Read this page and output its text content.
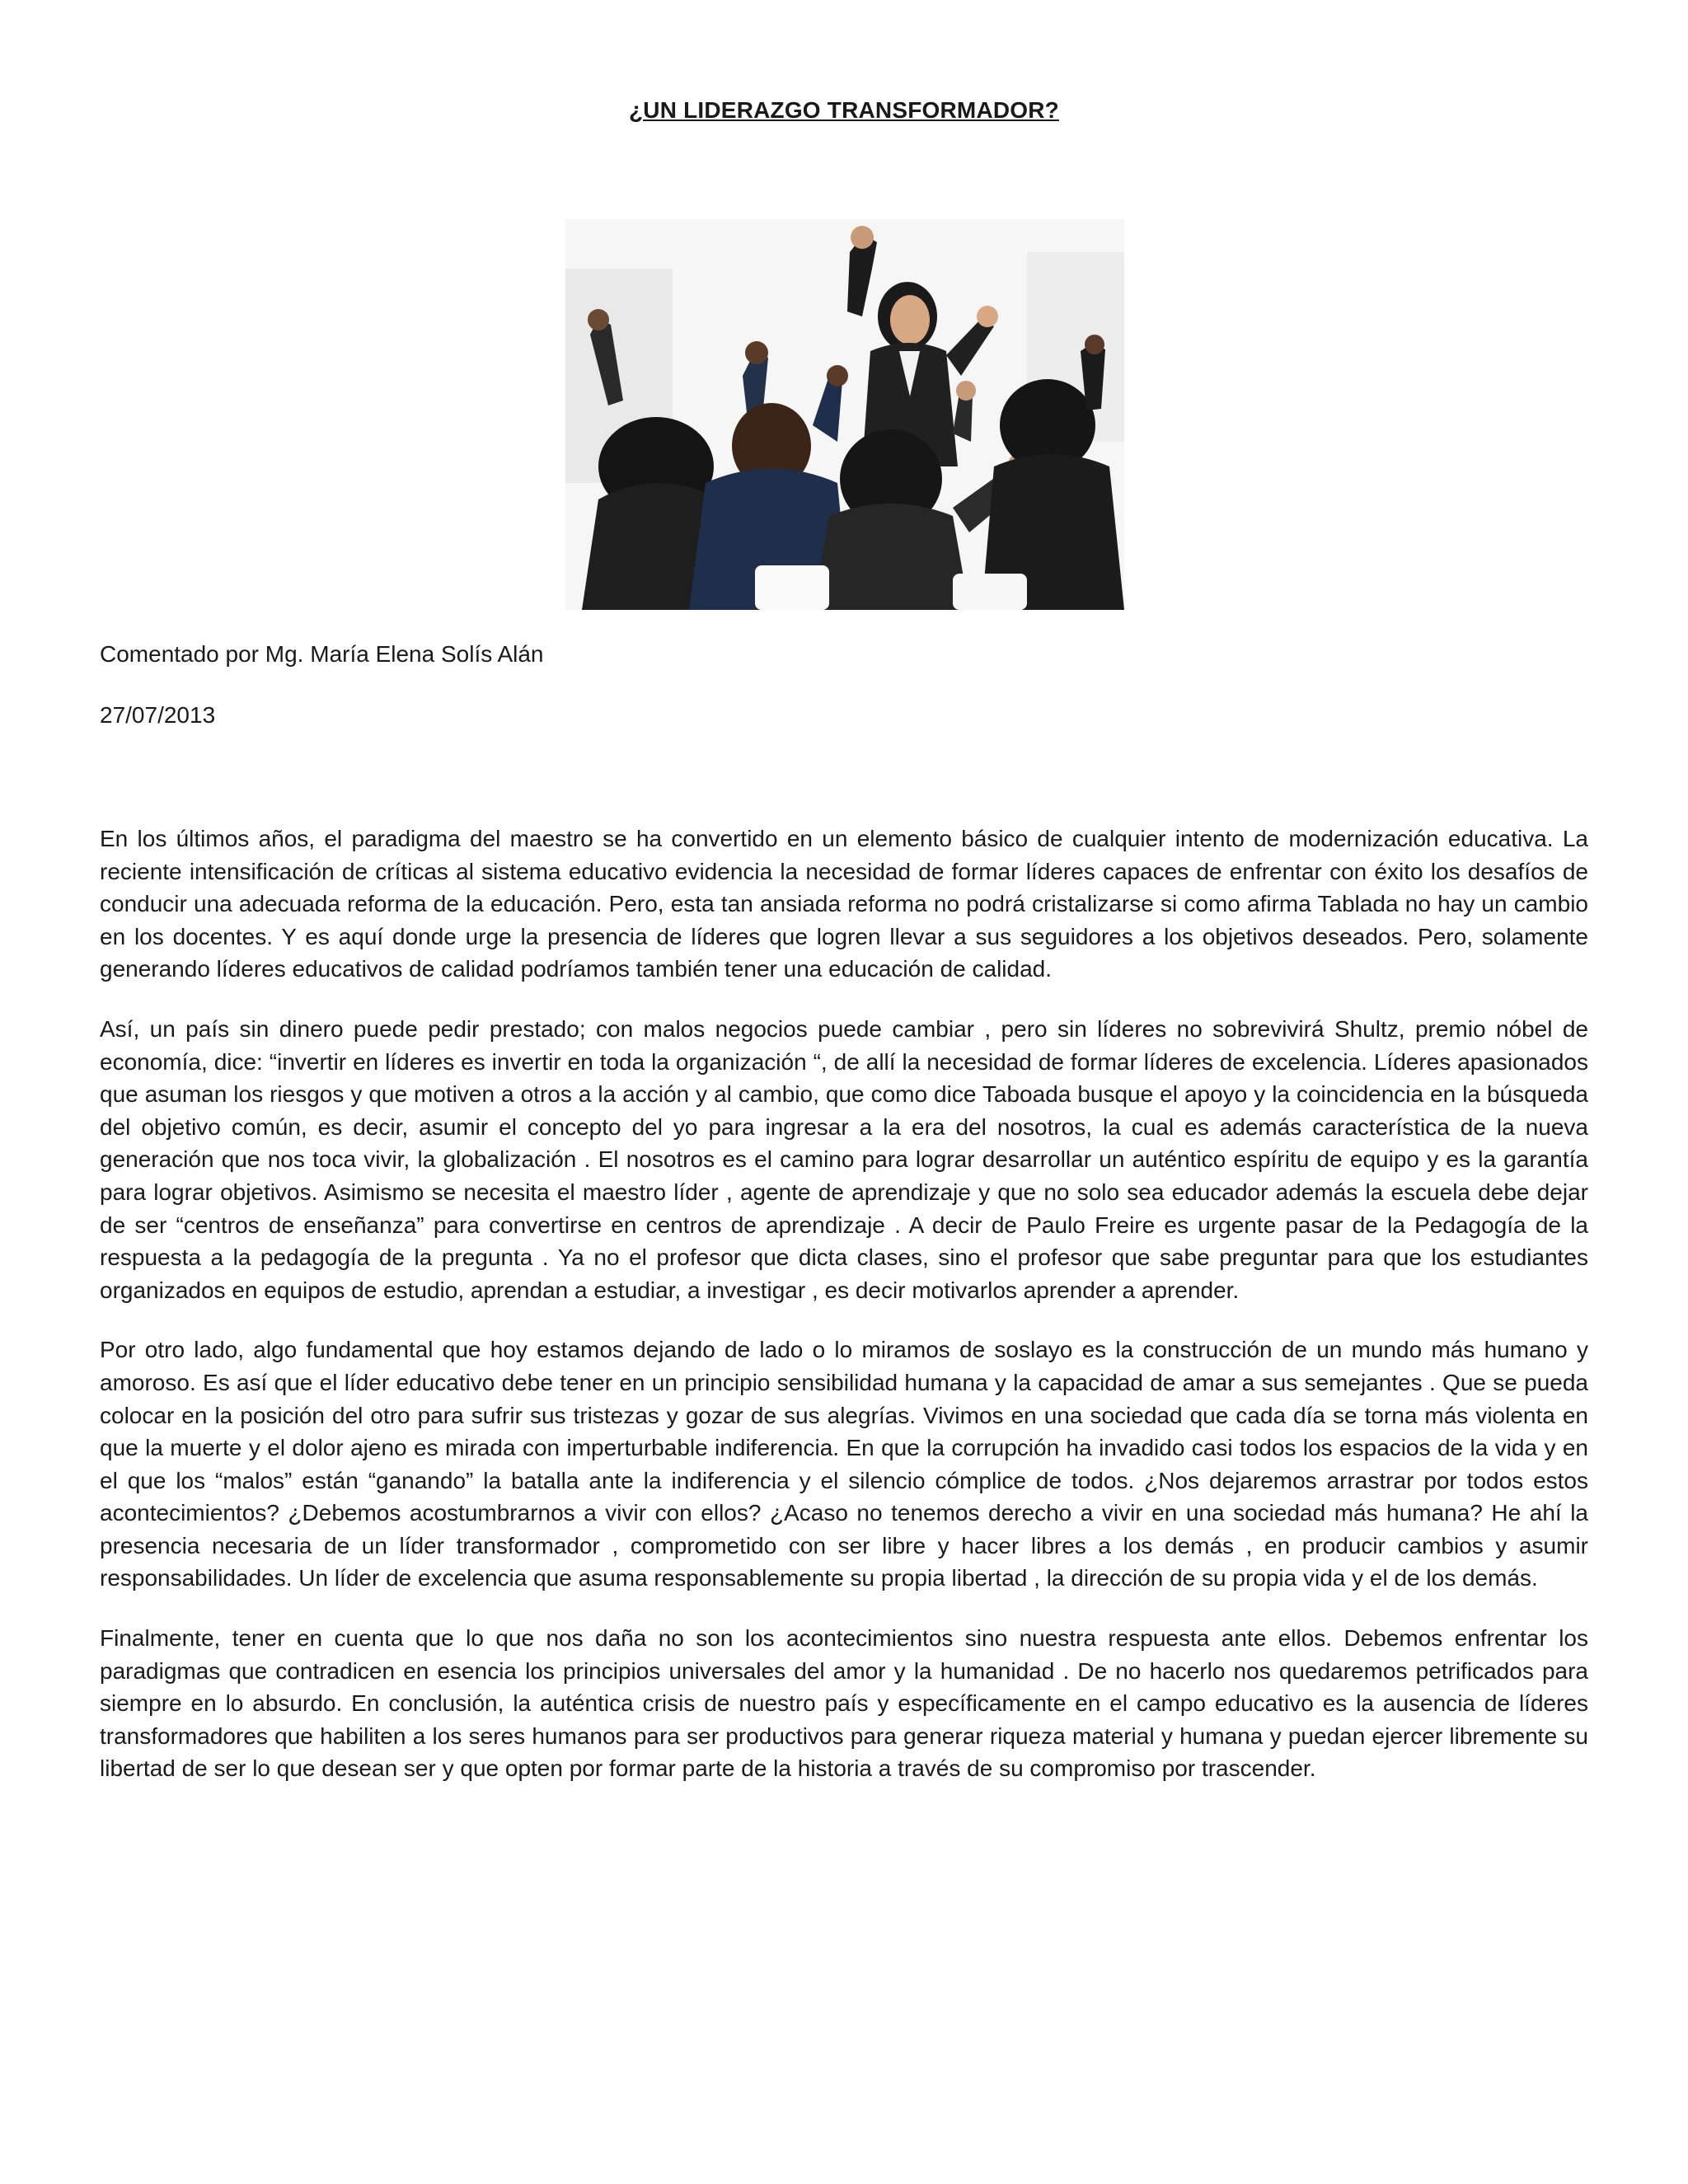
¿UN LIDERAZGO TRANSFORMADOR?
Comentado por Mg. María Elena Solís Alán
27/07/2013

En los últimos años, el paradigma del maestro se ha convertido en un elemento básico de cualquier intento de modernización educativa. La reciente intensificación de críticas al sistema educativo evidencia la necesidad de formar líderes capaces de enfrentar con éxito los desafíos de conducir una adecuada reforma de la educación. Pero, esta tan ansiada reforma no podrá cristalizarse si como afirma Tablada no hay un cambio en los docentes. Y es aquí donde urge la presencia de líderes que logren llevar a sus seguidores a los objetivos deseados. Pero, solamente generando líderes educativos de calidad podríamos también tener una educación de calidad.

Así, un país sin dinero puede pedir prestado; con malos negocios puede cambiar , pero sin líderes no sobrevivirá Shultz, premio nóbel de economía, dice: “invertir en líderes es invertir en toda la organización “, de allí la necesidad de formar líderes de excelencia. Líderes apasionados que asuman los riesgos y que motiven a otros a la acción y al cambio, que como dice Taboada busque el apoyo y la coincidencia en la búsqueda del objetivo común, es decir, asumir el concepto del yo para ingresar a la era del nosotros, la cual es además característica de la nueva generación que nos toca vivir, la globalización . El nosotros es el camino para lograr desarrollar un auténtico espíritu de equipo y es la garantía para lograr objetivos. Asimismo se necesita el maestro líder , agente de aprendizaje y que no solo sea educador además la escuela debe dejar de ser “centros de enseñanza” para convertirse en centros de aprendizaje . A decir de Paulo Freire es urgente pasar de la Pedagogía de la respuesta a la pedagogía de la pregunta . Ya no el profesor que dicta clases, sino el profesor que sabe preguntar para que los estudiantes organizados en equipos de estudio, aprendan a estudiar, a investigar , es decir motivarlos aprender a aprender.

Por otro lado, algo fundamental que hoy estamos dejando de lado o lo miramos de soslayo es la construcción de un mundo más humano y amoroso. Es así que el líder educativo debe tener en un principio sensibilidad humana y la capacidad de amar a sus semejantes . Que se pueda colocar en la posición del otro para sufrir sus tristezas y gozar de sus alegrías. Vivimos en una sociedad que cada día se torna más violenta en que la muerte y el dolor ajeno es mirada con imperturbable indiferencia. En que la corrupción ha invadido casi todos los espacios de la vida y en el que los “malos” están “ganando” la batalla ante la indiferencia y el silencio cómplice de todos. ¿Nos dejaremos arrastrar por todos estos acontecimientos? ¿Debemos acostumbrarnos a vivir con ellos? ¿Acaso no tenemos derecho a vivir en una sociedad más humana? He ahí la presencia necesaria de un líder transformador , comprometido con ser libre y hacer libres a los demás , en producir cambios y asumir responsabilidades. Un líder de excelencia que asuma responsablemente su propia libertad , la dirección de su propia vida y el de los demás.

Finalmente, tener en cuenta que lo que nos daña no son los acontecimientos sino nuestra respuesta ante ellos. Debemos enfrentar los paradigmas que contradicen en esencia los principios universales del amor y la humanidad . De no hacerlo nos quedaremos petrificados para siempre en lo absurdo. En conclusión, la auténtica crisis de nuestro país y específicamente en el campo educativo es la ausencia de líderes transformadores que habiliten a los seres humanos para ser productivos para generar riqueza material y humana y puedan ejercer libremente su libertad de ser lo que desean ser y que opten por formar parte de la historia a través de su compromiso por trascender.
